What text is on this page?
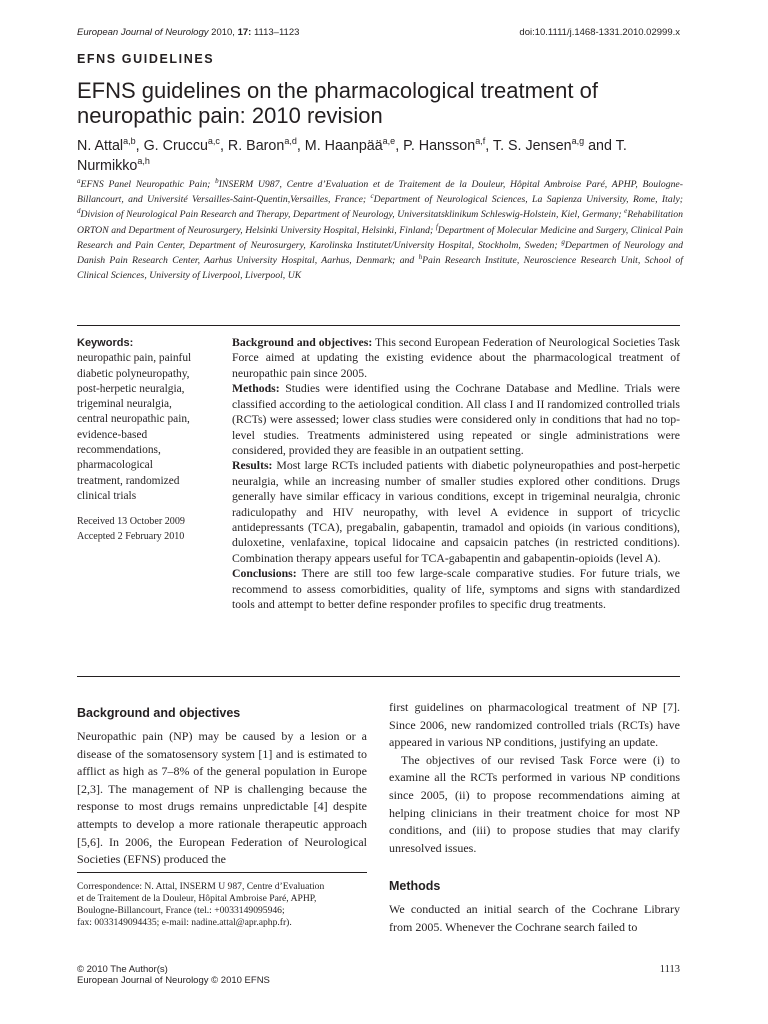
European Journal of Neurology 2010, 17: 1113–1123	doi:10.1111/j.1468-1331.2010.02999.x
EFNS GUIDELINES
EFNS guidelines on the pharmacological treatment of neuropathic pain: 2010 revision
N. Attal$^{a,b}$, G. Cruccu$^{a,c}$, R. Baron$^{a,d}$, M. Haanpää$^{a,e}$, P. Hansson$^{a,f}$, T. S. Jensen$^{a,g}$ and T. Nurmikko$^{a,h}$
$^a$EFNS Panel Neuropathic Pain; $^b$INSERM U987, Centre d’Evaluation et de Traitement de la Douleur, Hôpital Ambroise Paré, APHP, Boulogne-Billancourt, and Université Versailles-Saint-Quentin,Versailles, France; $^c$Department of Neurological Sciences, La Sapienza University, Rome, Italy; $^d$Division of Neurological Pain Research and Therapy, Department of Neurology, Universitatsklinikum Schleswig-Holstein, Kiel, Germany; $^e$Rehabilitation ORTON and Department of Neurosurgery, Helsinki University Hospital, Helsinki, Finland; $^f$Department of Molecular Medicine and Surgery, Clinical Pain Research and Pain Center, Department of Neurosurgery, Karolinska Institutet/University Hospital, Stockholm, Sweden; $^g$Departmen of Neurology and Danish Pain Research Center, Aarhus University Hospital, Aarhus, Denmark; and $^h$Pain Research Institute, Neuroscience Research Unit, School of Clinical Sciences, University of Liverpool, Liverpool, UK
Keywords:
neuropathic pain, painful
diabetic polyneuropathy,
post-herpetic neuralgia,
trigeminal neuralgia,
central neuropathic pain,
evidence-based
recommendations,
pharmacological
treatment, randomized
clinical trials
Received 13 October 2009
Accepted 2 February 2010

Background and objectives: This second European Federation of Neurological Societies Task Force aimed at updating the existing evidence about the pharmacological treatment of neuropathic pain since 2005.

Methods: Studies were identified using the Cochrane Database and Medline. Trials were classified according to the aetiological condition. All class I and II randomized controlled trials (RCTs) were assessed; lower class studies were considered only in conditions that had no top-level studies. Treatments administered using repeated or single administrations were considered, provided they are feasible in an outpatient setting.

Results: Most large RCTs included patients with diabetic polyneuropathies and post-herpetic neuralgia, while an increasing number of smaller studies explored other conditions. Drugs generally have similar efficacy in various conditions, except in trigeminal neuralgia, chronic radiculopathy and HIV neuropathy, with level A evidence in support of tricyclic antidepressants (TCA), pregabalin, gabapentin, tramadol and opioids (in various conditions), duloxetine, venlafaxine, topical lidocaine and capsaicin patches (in restricted conditions). Combination therapy appears useful for TCA-gabapentin and gabapentin-opioids (level A).

Conclusions: There are still too few large-scale comparative studies. For future trials, we recommend to assess comorbidities, quality of life, symptoms and signs with standardized tools and attempt to better define responder profiles to specific drug treatments.

Background and objectives

Neuropathic pain (NP) may be caused by a lesion or a disease of the somatosensory system [1] and is estimated to afflict as high as 7–8% of the general population in Europe [2,3]. The management of NP is challenging because the response to most drugs remains unpredictable [4] despite attempts to develop a more rationale therapeutic approach [5,6]. In 2006, the European Federation of Neurological Societies (EFNS) produced the

Correspondence: N. Attal, INSERM U 987, Centre d’Evaluation
et de Traitement de la Douleur, Hôpital Ambroise Paré, APHP,
Boulogne-Billancourt, France (tel.: +0033149095946;
fax: 0033149094435; e-mail: nadine.attal@apr.aphp.fr).

first guidelines on pharmacological treatment of NP [7]. Since 2006, new randomized controlled trials (RCTs) have appeared in various NP conditions, justifying an update.

The objectives of our revised Task Force were (i) to examine all the RCTs performed in various NP conditions since 2005, (ii) to propose recommendations aiming at helping clinicians in their treatment choice for most NP conditions, and (iii) to propose studies that may clarify unresolved issues.

Methods

We conducted an initial search of the Cochrane Library from 2005. Whenever the Cochrane search failed to

© 2010 The Author(s)
European Journal of Neurology © 2010 EFNS
1113
